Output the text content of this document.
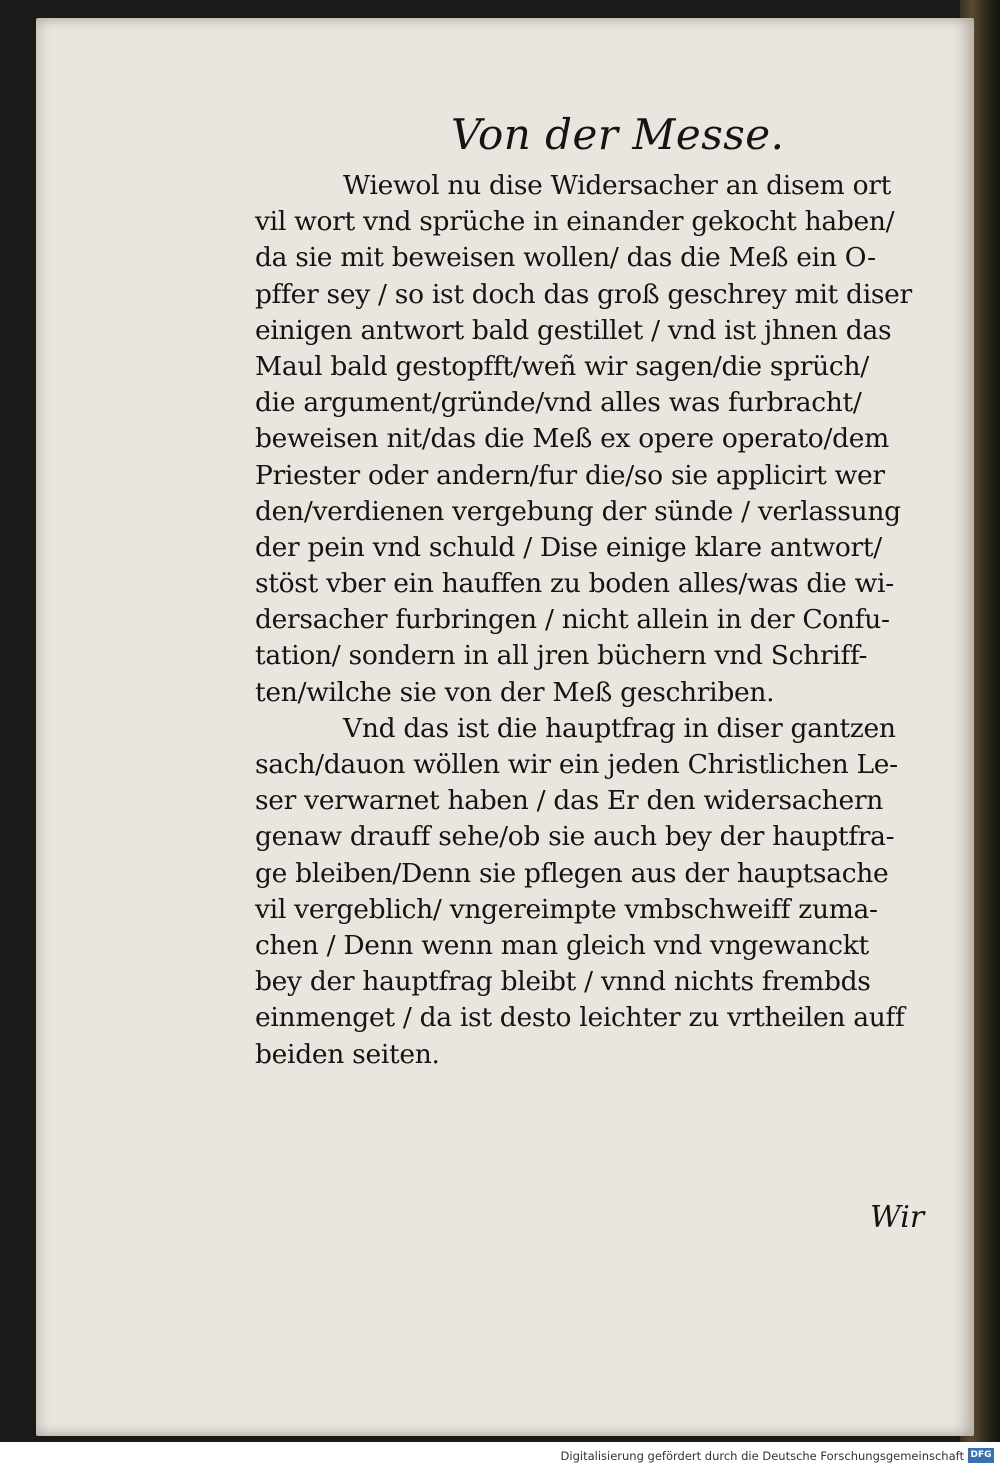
Von der Messe.
Wiewol nu dise Widersacher an disem ort
vil wort vnd sprüche in einander gekocht haben/
da sie mit beweisen wollen/ das die Meß ein O-
pffer sey / so ist doch das groß geschrey mit diser
einigen antwort bald gestillet / vnd ist jhnen das
Maul bald gestopfft/weñ wir sagen/die sprüch/
die argument/gründe/vnd alles was furbracht/
beweisen nit/das die Meß ex opere operato/dem
Priester oder andern/fur die/so sie applicirt wer
den/verdienen vergebung der sünde / verlassung
der pein vnd schuld / Dise einige klare antwort/
stöst vber ein hauffen zu boden alles/was die wi-
dersacher furbringen / nicht allein in der Confu-
tation/ sondern in all jren büchern vnd Schriff-
ten/wilche sie von der Meß geschriben.
Vnd das ist die hauptfrag in diser gantzen
sach/dauon wöllen wir ein jeden Christlichen Le-
ser verwarnet haben / das Er den widersachern
genaw drauff sehe/ob sie auch bey der hauptfra-
ge bleiben/Denn sie pflegen aus der hauptsache
vil vergeblich/ vngereimpte vmbschweiff zuma-
chen / Denn wenn man gleich vnd vngewanckt
bey der hauptfrag bleibt / vnnd nichts frembds
einmenget / da ist desto leichter zu vrtheilen auff
beiden seiten.
Wir
Digitalisierung gefördert durch die Deutsche Forschungsgemeinschaft DFG
